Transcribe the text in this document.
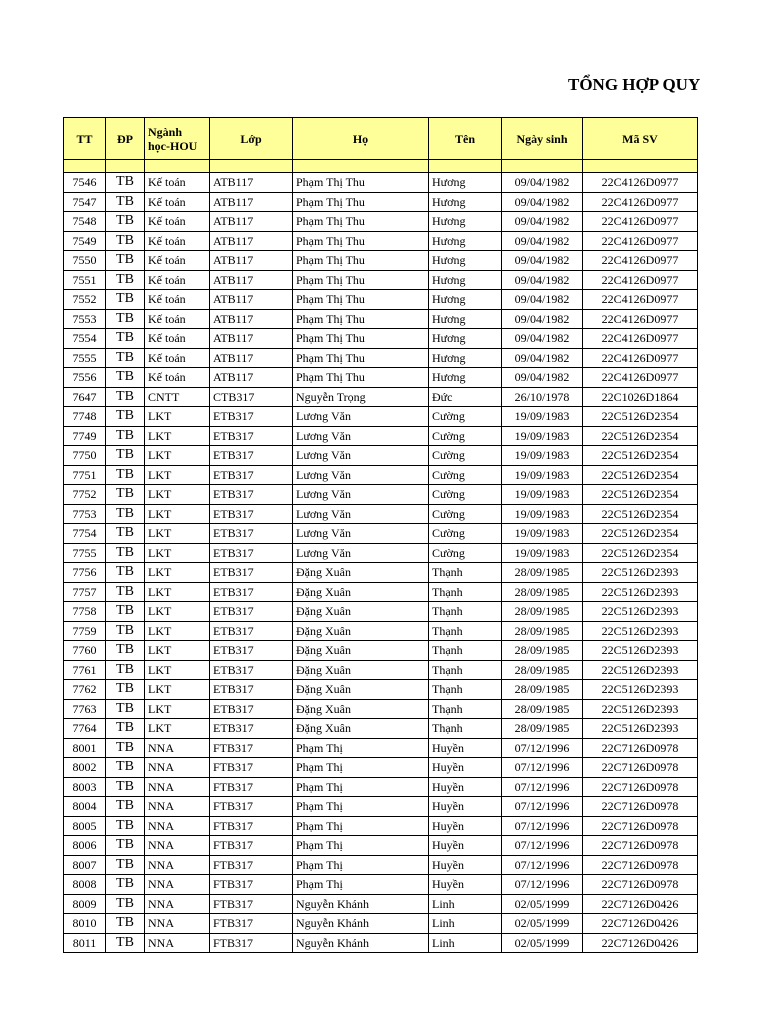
TỔNG HỢP QUY
TT	ĐP	Ngành học-HOU	Lớp	Họ	Tên	Ngày sinh	Mã SV

7546	TB	Kế toán	ATB117	Phạm Thị Thu	Hương	09/04/1982	22C4126D0977
7547	TB	Kế toán	ATB117	Phạm Thị Thu	Hương	09/04/1982	22C4126D0977
7548	TB	Kế toán	ATB117	Phạm Thị Thu	Hương	09/04/1982	22C4126D0977
7549	TB	Kế toán	ATB117	Phạm Thị Thu	Hương	09/04/1982	22C4126D0977
7550	TB	Kế toán	ATB117	Phạm Thị Thu	Hương	09/04/1982	22C4126D0977
7551	TB	Kế toán	ATB117	Phạm Thị Thu	Hương	09/04/1982	22C4126D0977
7552	TB	Kế toán	ATB117	Phạm Thị Thu	Hương	09/04/1982	22C4126D0977
7553	TB	Kế toán	ATB117	Phạm Thị Thu	Hương	09/04/1982	22C4126D0977
7554	TB	Kế toán	ATB117	Phạm Thị Thu	Hương	09/04/1982	22C4126D0977
7555	TB	Kế toán	ATB117	Phạm Thị Thu	Hương	09/04/1982	22C4126D0977
7556	TB	Kế toán	ATB117	Phạm Thị Thu	Hương	09/04/1982	22C4126D0977
7647	TB	CNTT	CTB317	Nguyễn Trọng	Đức	26/10/1978	22C1026D1864
7748	TB	LKT	ETB317	Lương Văn	Cường	19/09/1983	22C5126D2354
7749	TB	LKT	ETB317	Lương Văn	Cường	19/09/1983	22C5126D2354
7750	TB	LKT	ETB317	Lương Văn	Cường	19/09/1983	22C5126D2354
7751	TB	LKT	ETB317	Lương Văn	Cường	19/09/1983	22C5126D2354
7752	TB	LKT	ETB317	Lương Văn	Cường	19/09/1983	22C5126D2354
7753	TB	LKT	ETB317	Lương Văn	Cường	19/09/1983	22C5126D2354
7754	TB	LKT	ETB317	Lương Văn	Cường	19/09/1983	22C5126D2354
7755	TB	LKT	ETB317	Lương Văn	Cường	19/09/1983	22C5126D2354
7756	TB	LKT	ETB317	Đặng Xuân	Thạnh	28/09/1985	22C5126D2393
7757	TB	LKT	ETB317	Đặng Xuân	Thạnh	28/09/1985	22C5126D2393
7758	TB	LKT	ETB317	Đặng Xuân	Thạnh	28/09/1985	22C5126D2393
7759	TB	LKT	ETB317	Đặng Xuân	Thạnh	28/09/1985	22C5126D2393
7760	TB	LKT	ETB317	Đặng Xuân	Thạnh	28/09/1985	22C5126D2393
7761	TB	LKT	ETB317	Đặng Xuân	Thạnh	28/09/1985	22C5126D2393
7762	TB	LKT	ETB317	Đặng Xuân	Thạnh	28/09/1985	22C5126D2393
7763	TB	LKT	ETB317	Đặng Xuân	Thạnh	28/09/1985	22C5126D2393
7764	TB	LKT	ETB317	Đặng Xuân	Thạnh	28/09/1985	22C5126D2393
8001	TB	NNA	FTB317	Phạm Thị	Huyền	07/12/1996	22C7126D0978
8002	TB	NNA	FTB317	Phạm Thị	Huyền	07/12/1996	22C7126D0978
8003	TB	NNA	FTB317	Phạm Thị	Huyền	07/12/1996	22C7126D0978
8004	TB	NNA	FTB317	Phạm Thị	Huyền	07/12/1996	22C7126D0978
8005	TB	NNA	FTB317	Phạm Thị	Huyền	07/12/1996	22C7126D0978
8006	TB	NNA	FTB317	Phạm Thị	Huyền	07/12/1996	22C7126D0978
8007	TB	NNA	FTB317	Phạm Thị	Huyền	07/12/1996	22C7126D0978
8008	TB	NNA	FTB317	Phạm Thị	Huyền	07/12/1996	22C7126D0978
8009	TB	NNA	FTB317	Nguyễn Khánh	Linh	02/05/1999	22C7126D0426
8010	TB	NNA	FTB317	Nguyễn Khánh	Linh	02/05/1999	22C7126D0426
8011	TB	NNA	FTB317	Nguyễn Khánh	Linh	02/05/1999	22C7126D0426
